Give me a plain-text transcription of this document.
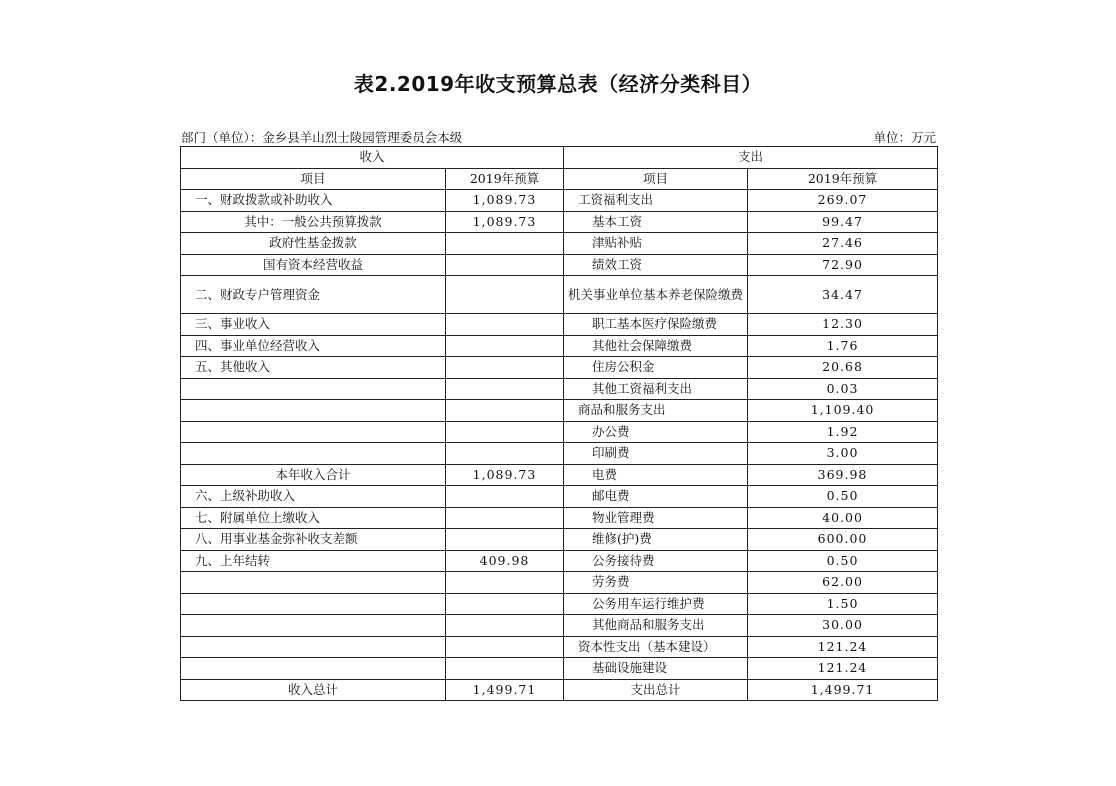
表2.2019年收支预算总表（经济分类科目）
部门（单位）：金乡县羊山烈士陵园管理委员会本级	单位：万元
收入		支出	
项目	2019年预算	项目	2019年预算
一、财政拨款或补助收入	1,089.73	工资福利支出	269.07
其中：一般公共预算拨款	1,089.73	基本工资	99.47
政府性基金拨款		津贴补贴	27.46
国有资本经营收益		绩效工资	72.90
二、财政专户管理资金		机关事业单位基本养老保险缴费	34.47
三、事业收入		职工基本医疗保险缴费	12.30
四、事业单位经营收入		其他社会保障缴费	1.76
五、其他收入		住房公积金	20.68
		其他工资福利支出	0.03
		商品和服务支出	1,109.40
		办公费	1.92
		印刷费	3.00
本年收入合计	1,089.73	电费	369.98
六、上级补助收入		邮电费	0.50
七、附属单位上缴收入		物业管理费	40.00
八、用事业基金弥补收支差额		维修(护)费	600.00
九、上年结转	409.98	公务接待费	0.50
		劳务费	62.00
		公务用车运行维护费	1.50
		其他商品和服务支出	30.00
		资本性支出（基本建设）	121.24
		基础设施建设	121.24
收入总计	1,499.71	支出总计	1,499.71
